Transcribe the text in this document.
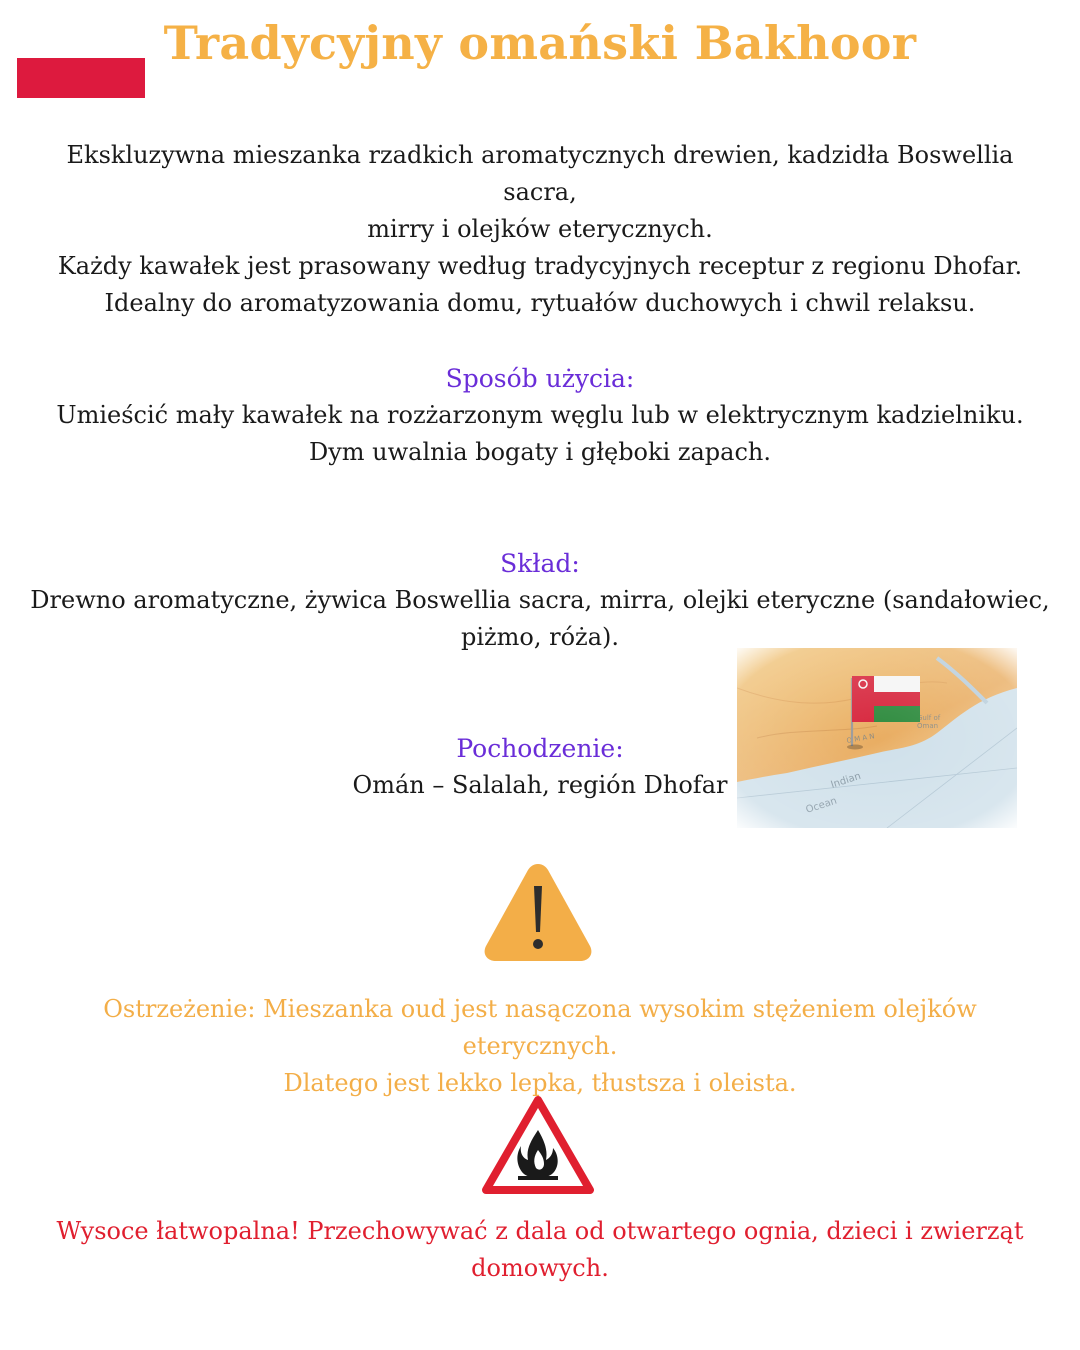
Tradycyjny omański Bakhoor

Ekskluzywna mieszanka rzadkich aromatycznych drewien, kadzidła Boswellia sacra,

mirry i olejków eterycznych.

Każdy kawałek jest prasowany według tradycyjnych receptur z regionu Dhofar.

Idealny do aromatyzowania domu, rytuałów duchowych i chwil relaksu.

Sposób użycia:

Umieścić mały kawałek na rozżarzonym węglu lub w elektrycznym kadzielniku.

Dym uwalnia bogaty i głęboki zapach.

Skład:

Drewno aromatyczne, żywica Boswellia sacra, mirra, olejki eteryczne (sandałowiec,

piżmo, róża).

Pochodzenie:

Omán – Salalah, región Dhofar

Ostrzeżenie: Mieszanka oud jest nasączona wysokim stężeniem olejków eterycznych.

Dlatego jest lekko lepka, tłustsza i oleista.

Wysoce łatwopalna! Przechowywać z dala od otwartego ognia, dzieci i zwierząt

domowych.
